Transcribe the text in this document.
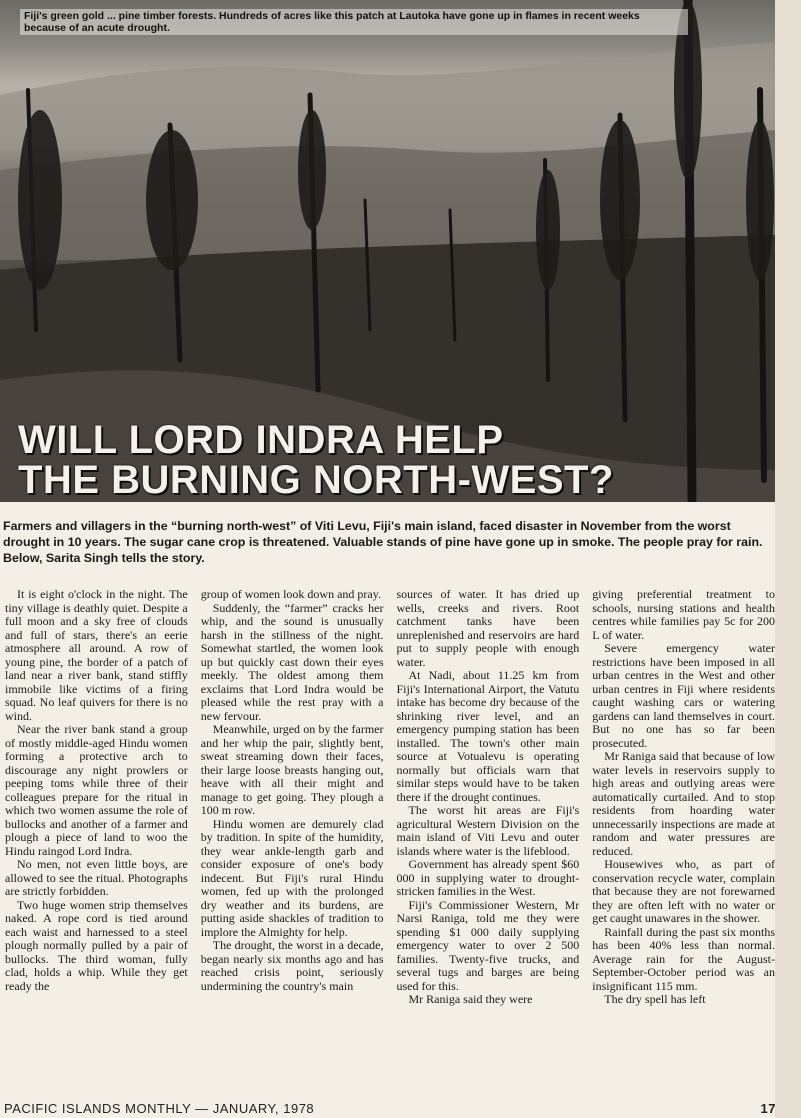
Fiji's green gold ... pine timber forests. Hundreds of acres like this patch at Lautoka have gone up in flames in recent weeks because of an acute drought.
WILL LORD INDRA HELP
THE BURNING NORTH-WEST?

Farmers and villagers in the “burning north-west” of Viti Levu, Fiji's main island, faced disaster in November from the worst drought in 10 years. The sugar cane crop is threatened. Valuable stands of pine have gone up in smoke. The people pray for rain. Below, Sarita Singh tells the story.

It is eight o'clock in the night. The tiny village is deathly quiet. Despite a full moon and a sky free of clouds and full of stars, there's an eerie atmosphere all around. A row of young pine, the border of a patch of land near a river bank, stand stiffly immobile like victims of a firing squad. No leaf quivers for there is no wind.

Near the river bank stand a group of mostly middle-aged Hindu women forming a protective arch to discourage any night prowlers or peeping toms while three of their colleagues prepare for the ritual in which two women assume the role of bullocks and another of a farmer and plough a piece of land to woo the Hindu raingod Lord Indra.

No men, not even little boys, are allowed to see the ritual. Photographs are strictly forbidden.

Two huge women strip themselves naked. A rope cord is tied around each waist and harnessed to a steel plough normally pulled by a pair of bullocks. The third woman, fully clad, holds a whip. While they get ready the

group of women look down and pray.

Suddenly, the “farmer” cracks her whip, and the sound is unusually harsh in the stillness of the night. Somewhat startled, the women look up but quickly cast down their eyes meekly. The oldest among them exclaims that Lord Indra would be pleased while the rest pray with a new fervour.

Meanwhile, urged on by the farmer and her whip the pair, slightly bent, sweat streaming down their faces, their large loose breasts hanging out, heave with all their might and manage to get going. They plough a 100 m row.

Hindu women are demurely clad by tradition. In spite of the humidity, they wear ankle-length garb and consider exposure of one's body indecent. But Fiji's rural Hindu women, fed up with the prolonged dry weather and its burdens, are putting aside shackles of tradition to implore the Almighty for help.

The drought, the worst in a decade, began nearly six months ago and has reached crisis point, seriously undermining the country's main

sources of water. It has dried up wells, creeks and rivers. Root catchment tanks have been unreplenished and reservoirs are hard put to supply people with enough water.

At Nadi, about 11.25 km from Fiji's International Airport, the Vatutu intake has become dry because of the shrinking river level, and an emergency pumping station has been installed. The town's other main source at Votualevu is operating normally but officials warn that similar steps would have to be taken there if the drought continues.

The worst hit areas are Fiji's agricultural Western Division on the main island of Viti Levu and outer islands where water is the lifeblood.

Government has already spent $60 000 in supplying water to drought-stricken families in the West.

Fiji's Commissioner Western, Mr Narsi Raniga, told me they were spending $1 000 daily supplying emergency water to over 2 500 families. Twenty-five trucks, and several tugs and barges are being used for this.

Mr Raniga said they were

giving preferential treatment to schools, nursing stations and health centres while families pay 5c for 200 L of water.

Severe emergency water restrictions have been imposed in all urban centres in the West and other urban centres in Fiji where residents caught washing cars or watering gardens can land themselves in court. But no one has so far been prosecuted.

Mr Raniga said that because of low water levels in reservoirs supply to high areas and outlying areas were automatically curtailed. And to stop residents from hoarding water unnecessarily inspections are made at random and water pressures are reduced.

Housewives who, as part of conservation recycle water, complain that because they are not forewarned they are often left with no water or get caught unawares in the shower.

Rainfall during the past six months has been 40% less than normal. Average rain for the August-September-October period was an insignificant 115 mm.

The dry spell has left

PACIFIC ISLANDS MONTHLY — JANUARY, 1978	17
